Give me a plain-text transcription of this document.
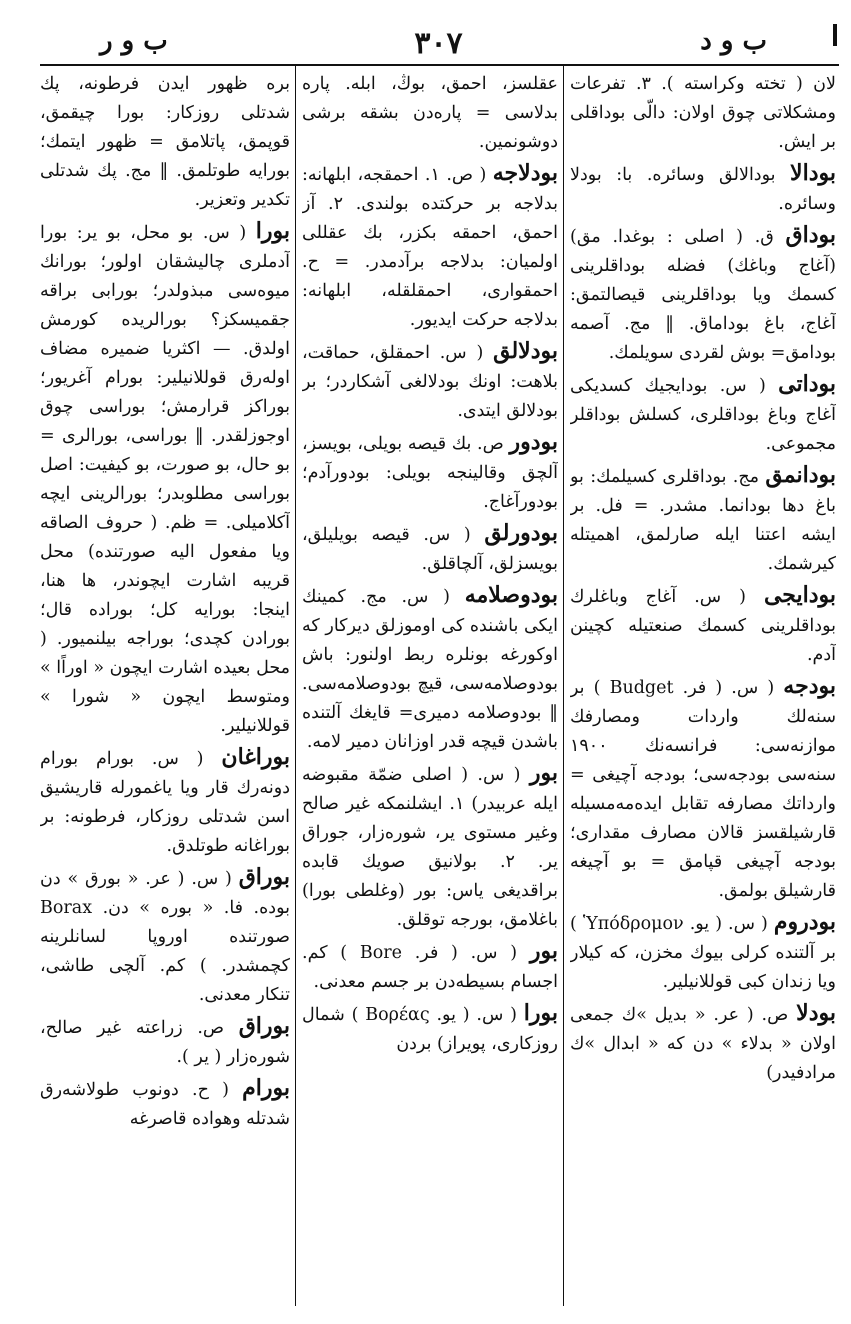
ب و د
٣٠٧
ب و ر

لان ( تخته وكراسته ). ٣. تفرعات ومشكلاتی چوق اولان: دالّی بوداقلی بر ایش.

بودالا بودالالق وسائره. با: بودلا وسائره.

بوداق ق. ( اصلی : بوغدا. مق) (آغاج وباغك) فضله بوداقلرینی كسمك ویا بوداقلرینی قیصالتمق: آغاج، باغ بوداماق. ‖ مج. آصمه بودامق= بوش لقردی سویلمك.

بوداتی ( س. بودایجیك كسدیكی آغاج وباغ بوداقلری، كسلش بوداقلر مجموعی.

بودانمق مج. بوداقلری كسیلمك: بو باغ دها بودانما. مشدر. = فل. بر ایشه اعتنا ایله صارلمق، اهمیتله كیرشمك.

بودایجی ( س. آغاج وباغلرك بوداقلرینی كسمك صنعتیله كچینن آدم.

بودجه ( س. ( فر. Budget ) بر سنه‌لك واردات ومصارفك موازنه‌سی: فرانسه‌نك ١٩٠٠ سنه‌سی بودجه‌سی؛ بودجه آچیغی = وارداتك مصارفه تقابل ایده‌مه‌مسیله قارشیلقسز قالان مصارف مقداری؛ بودجه آچیغی قپامق = بو آچیغه قارشیلق بولمق.

بودروم ( س. ( یو. Ὑπόδρομον ) بر آلتنده كرلی بیوك مخزن، كه كیلار ویا زندان كبی قوللانیلیر.

بودلا ص. ( عر. « بدیل »ك جمعی اولان « بدلاء » دن كه « ابدال »ك مرادفیدر)

عقلسز، احمق، بوڭ، ابله. پاره بدلاسی = پاره‌دن بشقه برشی دوشونمین.

بودلاجه ( ص. ١. احمقجه، ابلهانه: بدلاجه بر حركتده بولندی. ٢. آز احمق، احمقه بكزر، بك عقللی اولمیان: بدلاجه برآدمدر. = ح. احمقواری، احمقلقله، ابلهانه: بدلاجه حركت ایدیور.

بودلالق ( س. احمقلق، حماقت، بلاهت: اونك بودلالغی آشكاردر؛ بر بودلالق ایتدی.

بودور ص. بك قیصه بویلی، بویسز، آلچق وقالینجه بویلی: بودورآدم؛ بودورآغاج.

بودورلق ( س. قیصه بویلیلق، بویسزلق، آلچاقلق.

بودوصلامه ( س. مج. كمینك ایكی باشنده كی اوموزلق دیركار كه اوكورغه بونلره ربط اولنور: باش بودوصلامه‌سی، قیچ بودوصلامه‌سی. ‖ بودوصلامه دمیری= قایغك آلتنده باشدن قیچه قدر اوزانان دمیر لامه.

بور ( س. ( اصلی ضمّة مقبوضه ایله عربیدر) ١. ایشلنمكه غیر صالح وغیر مستوی یر، شوره‌زار، جوراق یر. ٢. بولانیق صویك قابده براقدیغی یاس: بور (وغلطی بورا) باغلامق، بورجه توقلق.

بور ( س. ( فر. Bore ) كم. اجسام بسیطه‌دن بر جسم معدنی.

بورا ( س. ( یو. Βορέας ) شمال روزكاری، پویراز) بردن

بره ظهور ایدن فرطونه، پك شدتلی روزكار: بورا چیقمق، قوپمق، پاتلامق = ظهور ایتمك؛ بورایه طوتلمق. ‖ مج. پك شدتلی تكدیر وتعزیر.

بورا ( س. بو محل، بو یر: بورا آدملری چالیشقان اولور؛ بورانك میوه‌سی مبذولدر؛ بورابی براقه جقمیسكز؟ بورالریده كورمش اولدق. — اكثریا ضمیره مضاف اوله‌رق قوللانیلیر: بورام آغریور؛ بوراكز قرارمش؛ بوراسی چوق اوجوزلقدر. ‖ بوراسی، بورالری = بو حال، بو صورت، بو كیفیت: اصل بوراسی مطلوبدر؛ بورالرینی ایچه آكلامیلی. = ظم. ( حروف الصاقه ویا مفعول الیه صورتنده) محل قریبه اشارت ایچوندر، ها هنا، اینجا: بورایه كل؛ بوراده قال؛ بورادن كچدی؛ بوراجه بیلنمیور. ( محل بعیده اشارت ایچون « اوراًا » ومتوسط ایچون « شورا » قوللانیلیر.

بوراغان ( س. بورام بورام دونه‌رك قار ویا یاغمورله قاریشیق اسن شدتلی روزكار، فرطونه: بر بوراغانه طوتلدق.

بوراق ( س. ( عر. « بورق » دن بوده. فا. « بوره » دن. Borax صورتنده اوروپا لسانلرینه كچمشدر. ) كم. آلچی طاشی، تنكار معدنی.

بوراق ص. زراعته غیر صالح، شوره‌زار ( یر ).

بورام ( ح. دونوب طولاشه‌رق شدتله وهواده قاصرغه
